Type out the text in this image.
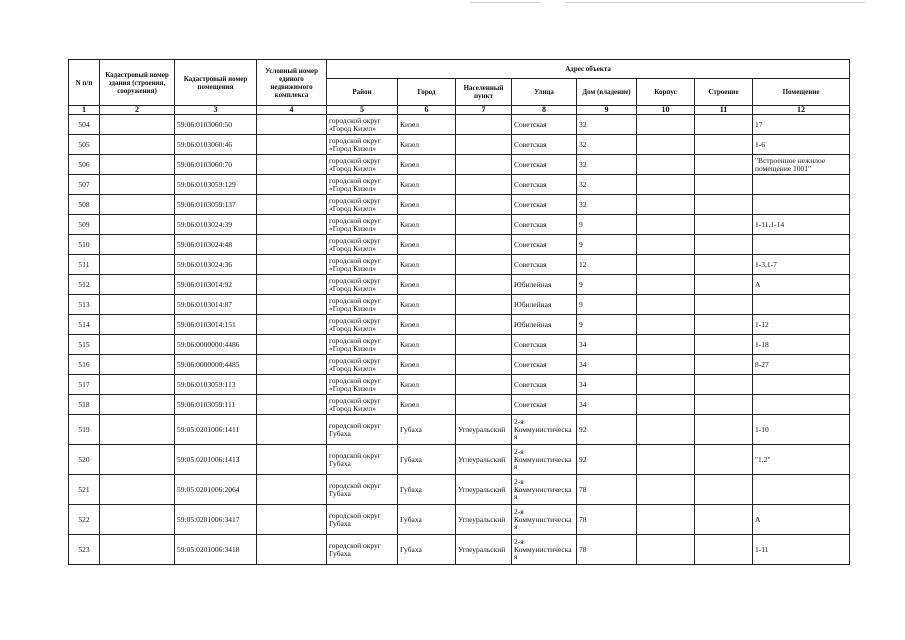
N п/п	Кадастровый номер здания (строения, сооружения)	Кадастровый номер помещения	Условный номер единого недвижимого комплекса	Адрес объекта							
				Район	Город	Населенный пункт	Улица	Дом (владение)	Корпус	Строение	Помещение
1	2	3	4	5	6	7	8	9	10	11	12
504		59:06:0103060:50		городской округ
«Город Кизел»	Кизел		Советская	32			17
505		59:06:0103060:46		городской округ
«Город Кизел»	Кизел		Советская	32			1-6
506		59:06:0103060:70		городской округ
«Город Кизел»	Кизел		Советская	32			"Встроенное нежилое
помещение 1001"
507		59:06:0103059:129		городской округ
«Город Кизел»	Кизел		Советская	32			
508		59:06:0103059:137		городской округ
«Город Кизел»	Кизел		Советская	32			
509		59:06:0103024:39		городской округ
«Город Кизел»	Кизел		Советская	9			1-11,1-14
510		59:06:0103024:48		городской округ
«Город Кизел»	Кизел		Советская	9			
511		59:06:0103024:36		городской округ
«Город Кизел»	Кизел		Советская	12			1-3,1-7
512		59:06:0103014:92		городской округ
«Город Кизел»	Кизел		Юбилейная	9			А
513		59:06:0103014:87		городской округ
«Город Кизел»	Кизел		Юбилейная	9			
514		59:06:0103014:151		городской округ
«Город Кизел»	Кизел		Юбилейная	9			1-12
515		59:06:0000000:4486		городской округ
«Город Кизел»	Кизел		Советская	34			1-18
516		59:06:0000000:4485		городской округ
«Город Кизел»	Кизел		Советская	34			8-27
517		59:06:0103059:113		городской округ
«Город Кизел»	Кизел		Советская	34			
518		59:06:0103059:111		городской округ
«Город Кизел»	Кизел		Советская	34			
519		59:05:0201006:1411		городской округ
Губаха	Губаха	Углеуральский	2-я
Коммунистическа
я	92			1-10
520		59:05:0201006:1413		городской округ
Губаха	Губаха	Углеуральский	2-я
Коммунистическа
я	92			"1,2"
521		59:05:0201006:2064		городской округ
Губаха	Губаха	Углеуральский	2-я
Коммунистическа
я	78			
522		59:05:0201006:3417		городской округ
Губаха	Губаха	Углеуральский	2-я
Коммунистическа
я	78			А
523		59:05:0201006:3418		городской округ
Губаха	Губаха	Углеуральский	2-я
Коммунистическа
я	78			1-11
